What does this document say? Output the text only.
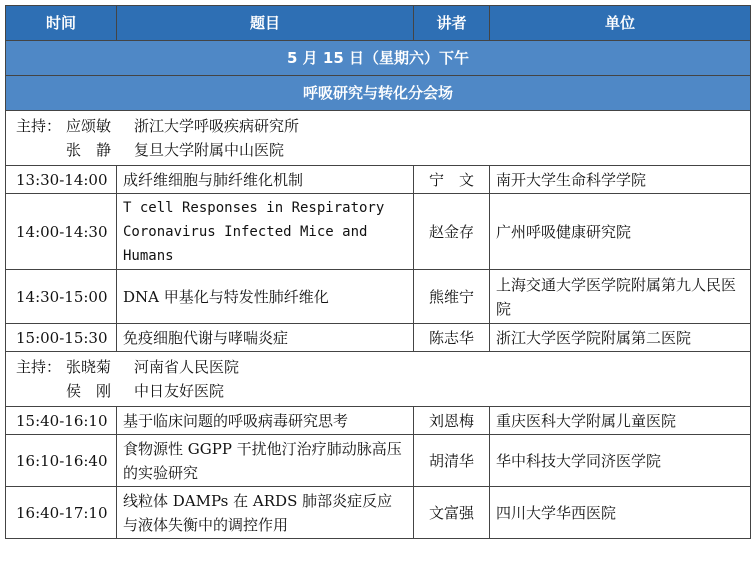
时间	题目	讲者	单位
5 月 15 日（星期六）下午			
呼吸研究与转化分会场			

主持： 应颂敏 浙江大学呼吸疾病研究所
张　静 复旦大学附属中山医院			

13:30-14:00	成纤维细胞与肺纤维化机制	宁　文	南开大学生命科学学院
14:00-14:30	T cell Responses in Respiratory Coronavirus Infected Mice and Humans	赵金存	广州呼吸健康研究院
14:30-15:00	DNA 甲基化与特发性肺纤维化	熊维宁	上海交通大学医学院附属第九人民医院
15:00-15:30	免疫细胞代谢与哮喘炎症	陈志华	浙江大学医学院附属第二医院

主持： 张晓菊 河南省人民医院
侯　刚 中日友好医院			

15:40-16:10	基于临床问题的呼吸病毒研究思考	刘恩梅	重庆医科大学附属儿童医院
16:10-16:40	食物源性 GGPP 干扰他汀治疗肺动脉高压的实验研究	胡清华	华中科技大学同济医学院
16:40-17:10	线粒体 DAMPs 在 ARDS 肺部炎症反应与液体失衡中的调控作用	文富强	四川大学华西医院
